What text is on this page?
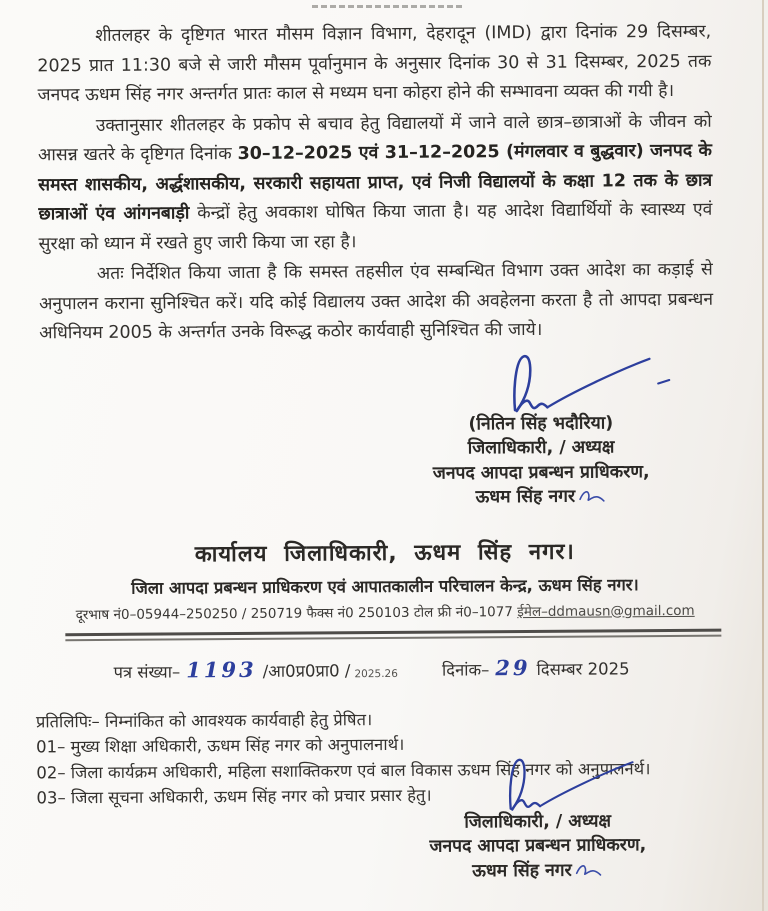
शीतलहर के दृष्टिगत भारत मौसम विज्ञान विभाग, देहरादून (IMD) द्वारा दिनांक 29 दिसम्बर, 2025 प्रात 11:30 बजे से जारी मौसम पूर्वानुमान के अनुसार दिनांक 30 से 31 दिसम्बर, 2025 तक जनपद ऊधम सिंह नगर अन्तर्गत प्रातः काल से मध्यम घना कोहरा होने की सम्भावना व्यक्त की गयी है।

उक्तानुसार शीतलहर के प्रकोप से बचाव हेतु विद्यालयों में जाने वाले छात्र–छात्राओं के जीवन को आसन्न खतरे के दृष्टिगत दिनांक 30–12–2025 एवं 31–12–2025 (मंगलवार व बुद्धवार) जनपद के समस्त शासकीय, अर्द्धशासकीय, सरकारी सहायता प्राप्त, एवं निजी विद्यालयों के कक्षा 12 तक के छात्र छात्राओं एंव आंगनबाड़ी केन्द्रों हेतु अवकाश घोषित किया जाता है। यह आदेश विद्यार्थियों के स्वास्थ्य एवं सुरक्षा को ध्यान में रखते हुए जारी किया जा रहा है।

अतः निर्देशित किया जाता है कि समस्त तहसील एंव सम्बन्धित विभाग उक्त आदेश का कड़ाई से अनुपालन कराना सुनिश्चित करें। यदि कोई विद्यालय उक्त आदेश की अवहेलना करता है तो आपदा प्रबन्धन अधिनियम 2005 के अन्तर्गत उनके विरूद्ध कठोर कार्यवाही सुनिश्चित की जाये।

(नितिन सिंह भदौरिया)
जिलाधिकारी, / अध्यक्ष
जनपद आपदा प्रबन्धन प्राधिकरण,
ऊधम सिंह नगर
कार्यालय जिलाधिकारी, ऊधम सिंह नगर।
जिला आपदा प्रबन्धन प्राधिकरण एवं आपातकालीन परिचालन केन्द्र, ऊधम सिंह नगर।
दूरभाष नं0–05944–250250 / 250719 फैक्स नं0 250103 टोल फ्री नं0–1077 ईमेल–ddmausn@gmail.com
पत्र संख्या– 1193 /आ0प्र0प्रा0 / 2025.26	दिनांक– 29 दिसम्बर 2025
प्रतिलिपिः– निम्नांकित को आवश्यक कार्यवाही हेतु प्रेषित।
01– मुख्य शिक्षा अधिकारी, ऊधम सिंह नगर को अनुपालनार्थ।
02– जिला कार्यक्रम अधिकारी, महिला सशाक्तिकरण एवं बाल विकास ऊधम सिंह नगर को अनुपालनर्थ।
03– जिला सूचना अधिकारी, ऊधम सिंह नगर को प्रचार प्रसार हेतु।
जिलाधिकारी, / अध्यक्ष
जनपद आपदा प्रबन्धन प्राधिकरण,
ऊधम सिंह नगर
